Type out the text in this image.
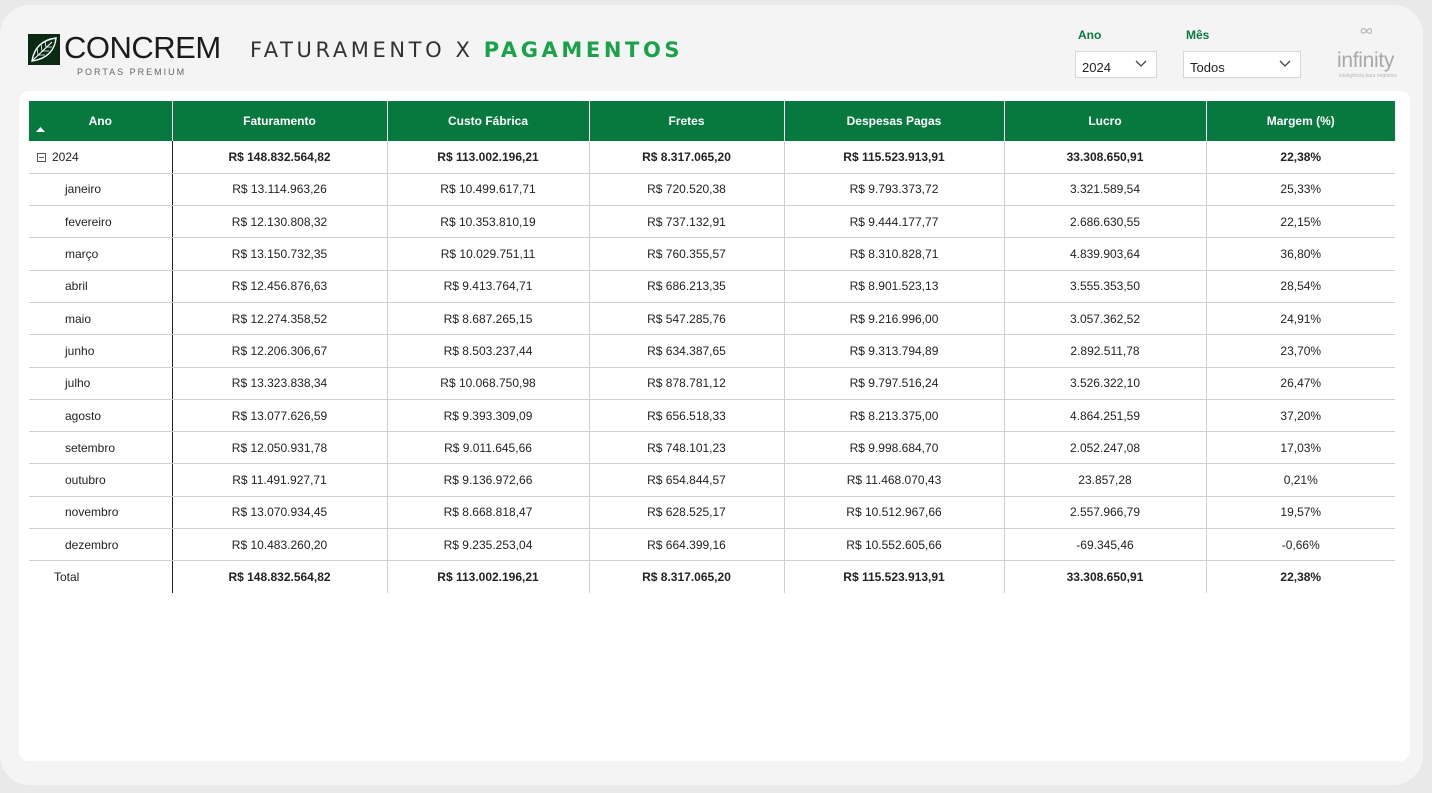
CONCREM
PORTAS PREMIUM
FATURAMENTO X PAGAMENTOS
Ano
2024
Mês
Todos	infinity
inteligência para negócios
Ano	Faturamento	Custo Fábrica	Fretes	Despesas Pagas	Lucro	Margem (%)
2024	R$ 148.832.564,82	R$ 113.002.196,21	R$ 8.317.065,20	R$ 115.523.913,91	33.308.650,91	22,38%
janeiro	R$ 13.114.963,26	R$ 10.499.617,71	R$ 720.520,38	R$ 9.793.373,72	3.321.589,54	25,33%
fevereiro	R$ 12.130.808,32	R$ 10.353.810,19	R$ 737.132,91	R$ 9.444.177,77	2.686.630,55	22,15%
março	R$ 13.150.732,35	R$ 10.029.751,11	R$ 760.355,57	R$ 8.310.828,71	4.839.903,64	36,80%
abril	R$ 12.456.876,63	R$ 9.413.764,71	R$ 686.213,35	R$ 8.901.523,13	3.555.353,50	28,54%
maio	R$ 12.274.358,52	R$ 8.687.265,15	R$ 547.285,76	R$ 9.216.996,00	3.057.362,52	24,91%
junho	R$ 12.206.306,67	R$ 8.503.237,44	R$ 634.387,65	R$ 9.313.794,89	2.892.511,78	23,70%
julho	R$ 13.323.838,34	R$ 10.068.750,98	R$ 878.781,12	R$ 9.797.516,24	3.526.322,10	26,47%
agosto	R$ 13.077.626,59	R$ 9.393.309,09	R$ 656.518,33	R$ 8.213.375,00	4.864.251,59	37,20%
setembro	R$ 12.050.931,78	R$ 9.011.645,66	R$ 748.101,23	R$ 9.998.684,70	2.052.247,08	17,03%
outubro	R$ 11.491.927,71	R$ 9.136.972,66	R$ 654.844,57	R$ 11.468.070,43	23.857,28	0,21%
novembro	R$ 13.070.934,45	R$ 8.668.818,47	R$ 628.525,17	R$ 10.512.967,66	2.557.966,79	19,57%
dezembro	R$ 10.483.260,20	R$ 9.235.253,04	R$ 664.399,16	R$ 10.552.605,66	-69.345,46	-0,66%
Total	R$ 148.832.564,82	R$ 113.002.196,21	R$ 8.317.065,20	R$ 115.523.913,91	33.308.650,91	22,38%
